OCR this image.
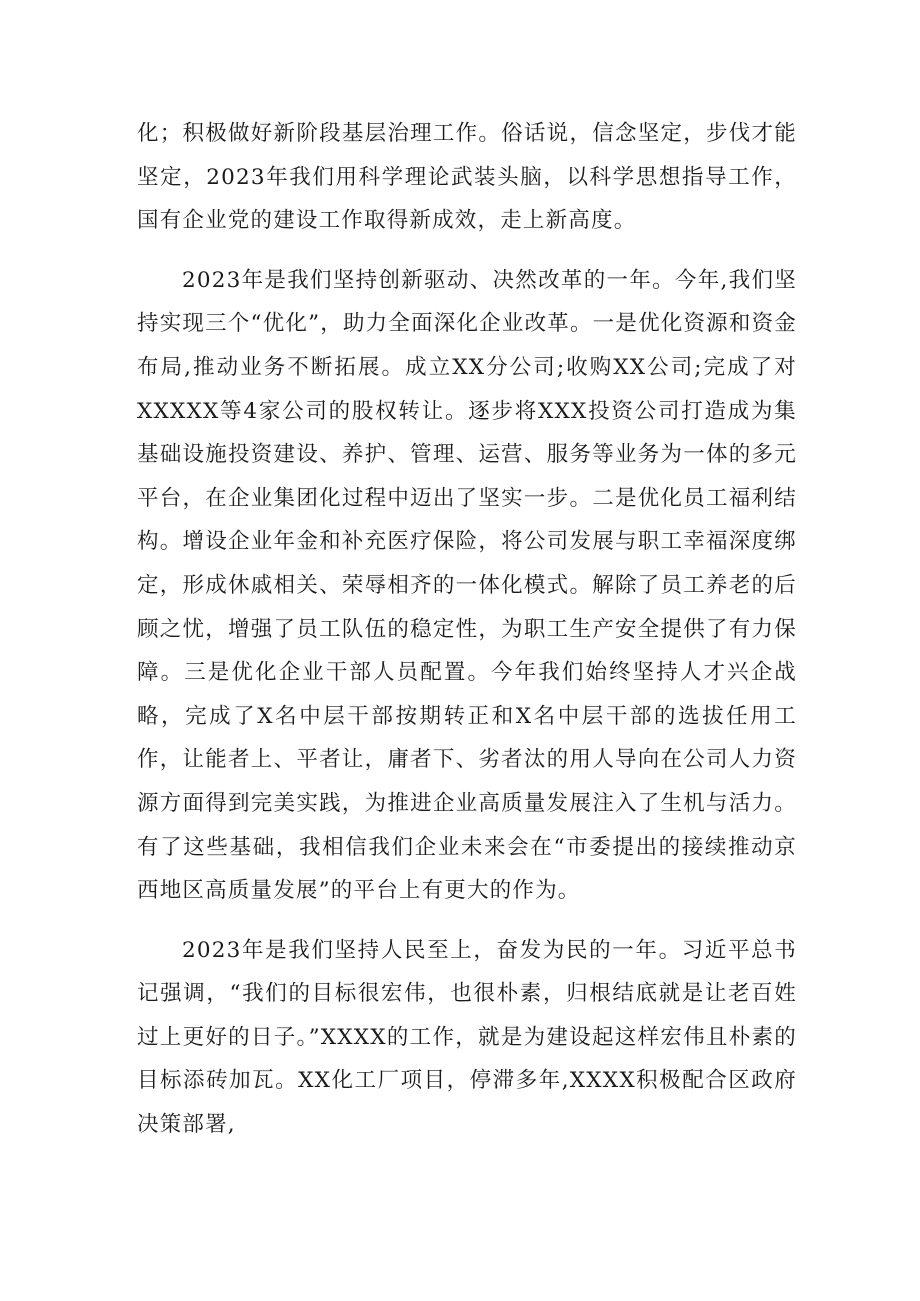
化；积极做好新阶段基层治理工作。俗话说，信念坚定，步伐才能坚定，2023年我们用科学理论武装头脑，以科学思想指导工作，国有企业党的建设工作取得新成效，走上新高度。

2023年是我们坚持创新驱动、决然改革的一年。今年,我们坚持实现三个“优化”，助力全面深化企业改革。一是优化资源和资金布局,推动业务不断拓展。成立XX分公司;收购XX公司;完成了对XXXXX等4家公司的股权转让。逐步将XXX投资公司打造成为集基础设施投资建设、养护、管理、运营、服务等业务为一体的多元平台，在企业集团化过程中迈出了坚实一步。二是优化员工福利结构。增设企业年金和补充医疗保险，将公司发展与职工幸福深度绑定，形成休戚相关、荣辱相齐的一体化模式。解除了员工养老的后顾之忧，增强了员工队伍的稳定性，为职工生产安全提供了有力保障。三是优化企业干部人员配置。今年我们始终坚持人才兴企战略，完成了X名中层干部按期转正和X名中层干部的选拔任用工作，让能者上、平者让，庸者下、劣者汰的用人导向在公司人力资源方面得到完美实践，为推进企业高质量发展注入了生机与活力。有了这些基础，我相信我们企业未来会在“市委提出的接续推动京西地区高质量发展”的平台上有更大的作为。

2023年是我们坚持人民至上，奋发为民的一年。习近平总书记强调，“我们的目标很宏伟，也很朴素，归根结底就是让老百姓过上更好的日子。”XXXX的工作，就是为建设起这样宏伟且朴素的目标添砖加瓦。XX化工厂项目，停滞多年,XXXX积极配合区政府决策部署,
